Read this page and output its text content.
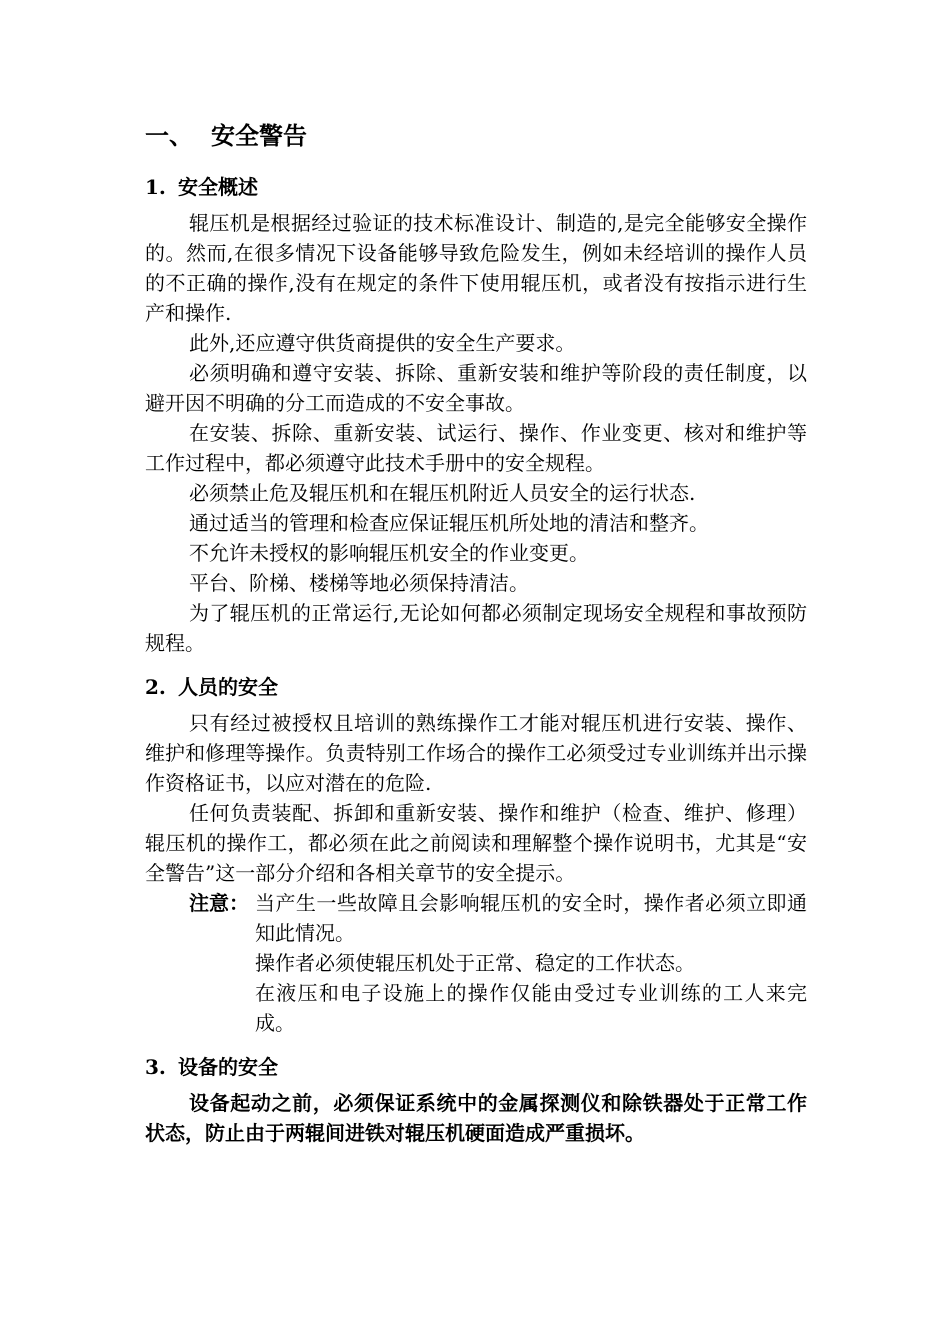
一、 安全警告
1. 安全概述

辊压机是根据经过验证的技术标准设计、制造的,是完全能够安全操作的。然而,在很多情况下设备能够导致危险发生，例如未经培训的操作人员的不正确的操作,没有在规定的条件下使用辊压机，或者没有按指示进行生产和操作.

此外,还应遵守供货商提供的安全生产要求。

必须明确和遵守安装、拆除、重新安装和维护等阶段的责任制度，以避开因不明确的分工而造成的不安全事故。

在安装、拆除、重新安装、试运行、操作、作业变更、核对和维护等工作过程中，都必须遵守此技术手册中的安全规程。

必须禁止危及辊压机和在辊压机附近人员安全的运行状态.

通过适当的管理和检查应保证辊压机所处地的清洁和整齐。

不允许未授权的影响辊压机安全的作业变更。

平台、阶梯、楼梯等地必须保持清洁。

为了辊压机的正常运行,无论如何都必须制定现场安全规程和事故预防规程。

2. 人员的安全

只有经过被授权且培训的熟练操作工才能对辊压机进行安装、操作、维护和修理等操作。负责特别工作场合的操作工必须受过专业训练并出示操作资格证书，以应对潜在的危险.

任何负责装配、拆卸和重新安装、操作和维护（检查、维护、修理）辊压机的操作工，都必须在此之前阅读和理解整个操作说明书，尤其是“安全警告”这一部分介绍和各相关章节的安全提示。

注意： 当产生一些故障且会影响辊压机的安全时，操作者必须立即通知此情况。

操作者必须使辊压机处于正常、稳定的工作状态。

在液压和电子设施上的操作仅能由受过专业训练的工人来完成。

3. 设备的安全

设备起动之前，必须保证系统中的金属探测仪和除铁器处于正常工作状态，防止由于两辊间进铁对辊压机硬面造成严重损坏。
